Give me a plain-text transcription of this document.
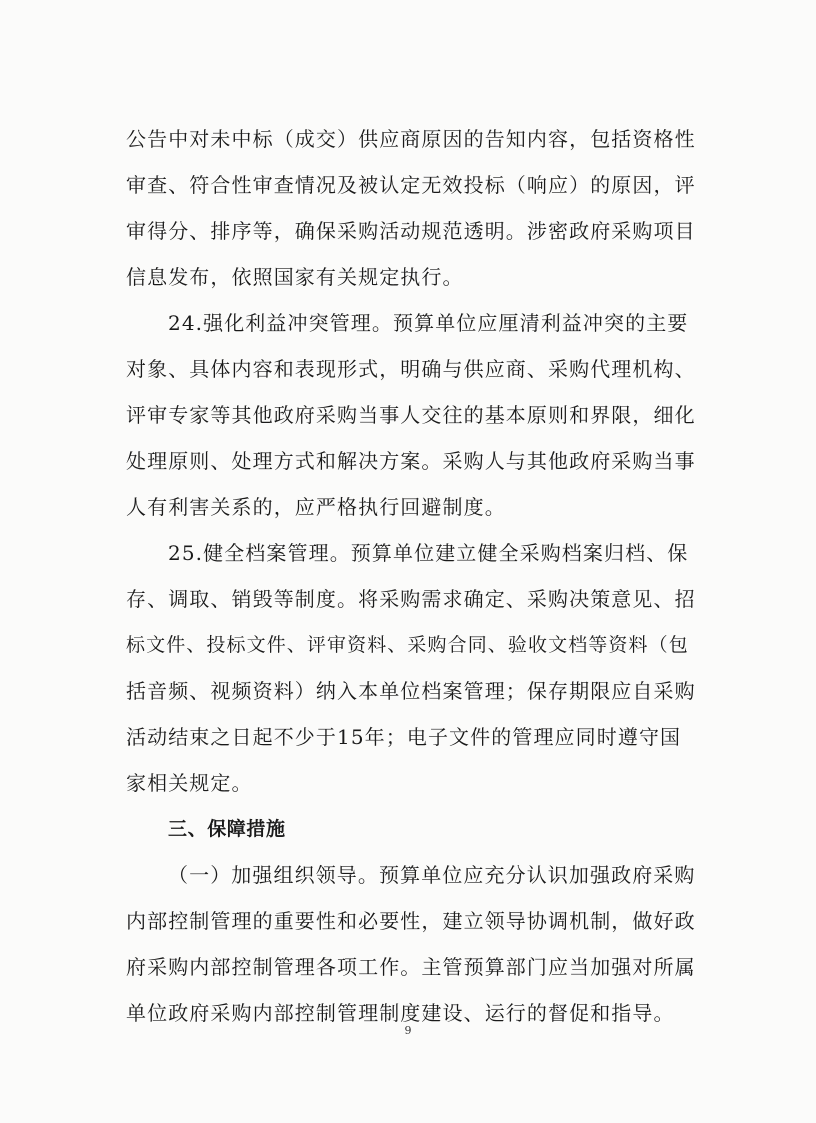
公告中对未中标（成交）供应商原因的告知内容，包括资格性
审查、符合性审查情况及被认定无效投标（响应）的原因，评
审得分、排序等，确保采购活动规范透明。涉密政府采购项目
信息发布，依照国家有关规定执行。
24.强化利益冲突管理。预算单位应厘清利益冲突的主要
对象、具体内容和表现形式，明确与供应商、采购代理机构、
评审专家等其他政府采购当事人交往的基本原则和界限，细化
处理原则、处理方式和解决方案。采购人与其他政府采购当事
人有利害关系的，应严格执行回避制度。
25.健全档案管理。预算单位建立健全采购档案归档、保
存、调取、销毁等制度。将采购需求确定、采购决策意见、招
标文件、投标文件、评审资料、采购合同、验收文档等资料（包
括音频、视频资料）纳入本单位档案管理；保存期限应自采购
活动结束之日起不少于15年；电子文件的管理应同时遵守国
家相关规定。
三、保障措施
（一）加强组织领导。预算单位应充分认识加强政府采购
内部控制管理的重要性和必要性，建立领导协调机制，做好政
府采购内部控制管理各项工作。主管预算部门应当加强对所属
单位政府采购内部控制管理制度建设、运行的督促和指导。
9
